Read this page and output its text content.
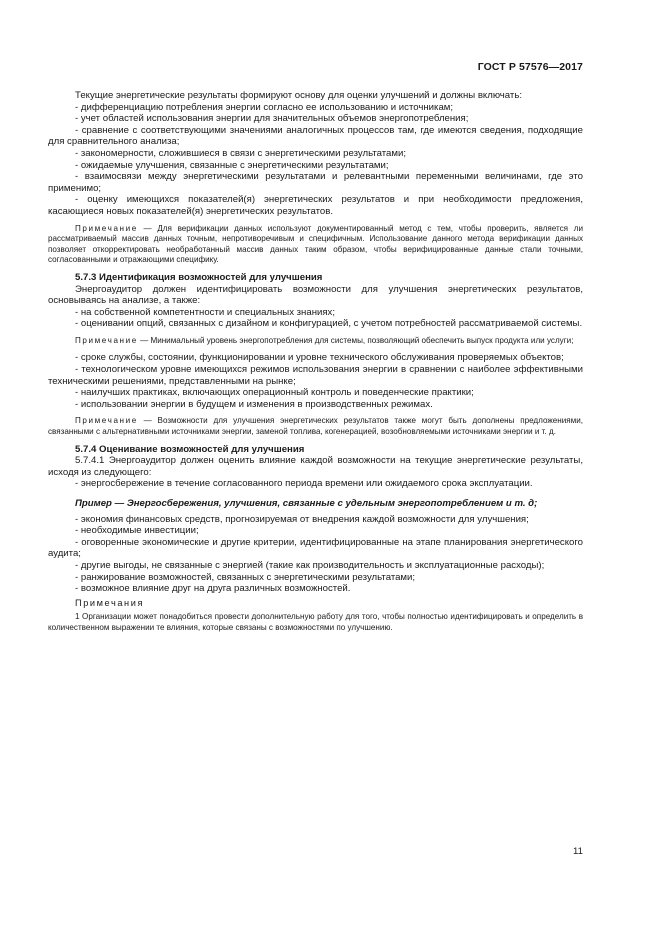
ГОСТ Р 57576—2017

Текущие энергетические результаты формируют основу для оценки улучшений и должны включать:

- дифференциацию потребления энергии согласно ее использованию и источникам;

- учет областей использования энергии для значительных объемов энергопотребления;

- сравнение с соответствующими значениями аналогичных процессов там, где имеются сведения, подходящие для сравнительного анализа;

- закономерности, сложившиеся в связи с энергетическими результатами;

- ожидаемые улучшения, связанные с энергетическими результатами;

- взаимосвязи между энергетическими результатами и релевантными переменными величинами, где это применимо;

- оценку имеющихся показателей(я) энергетических результатов и при необходимости предложения, касающиеся новых показателей(я) энергетических результатов.

Примечание — Для верификации данных используют документированный метод с тем, чтобы проверить, является ли рассматриваемый массив данных точным, непротиворечивым и специфичным. Использование данного метода верификации данных позволяет откорректировать необработанный массив данных таким образом, чтобы верифицированные данные стали точными, согласованными и отражающими специфику.

5.7.3 Идентификация возможностей для улучшения

Энергоаудитор должен идентифицировать возможности для улучшения энергетических результатов, основываясь на анализе, а также:

- на собственной компетентности и специальных знаниях;

- оценивании опций, связанных с дизайном и конфигурацией, с учетом потребностей рассматриваемой системы.

Примечание — Минимальный уровень энергопотребления для системы, позволяющий обеспечить выпуск продукта или услуги;

- сроке службы, состоянии, функционировании и уровне технического обслуживания проверяемых объектов;

- технологическом уровне имеющихся режимов использования энергии в сравнении с наиболее эффективными техническими решениями, представленными на рынке;

- наилучших практиках, включающих операционный контроль и поведенческие практики;

- использовании энергии в будущем и изменения в производственных режимах.

Примечание — Возможности для улучшения энергетических результатов также могут быть дополнены предложениями, связанными с альтернативными источниками энергии, заменой топлива, когенерацией, возобновляемыми источниками энергии и т. д.

5.7.4 Оценивание возможностей для улучшения

5.7.4.1 Энергоаудитор должен оценить влияние каждой возможности на текущие энергетические результаты, исходя из следующего:

- энергосбережение в течение согласованного периода времени или ожидаемого срока эксплуатации.

Пример — Энергосбережения, улучшения, связанные с удельным энергопотреблением и т. д;

- экономия финансовых средств, прогнозируемая от внедрения каждой возможности для улучшения;

- необходимые инвестиции;

- оговоренные экономические и другие критерии, идентифицированные на этапе планирования энергетического аудита;

- другие выгоды, не связанные с энергией (такие как производительность и эксплуатационные расходы);

- ранжирование возможностей, связанных с энергетическими результатами;

- возможное влияние друг на друга различных возможностей.

Примечания

1 Организации может понадобиться провести дополнительную работу для того, чтобы полностью идентифицировать и определить в количественном выражении те влияния, которые связаны с возможностями по улучшению.

11
